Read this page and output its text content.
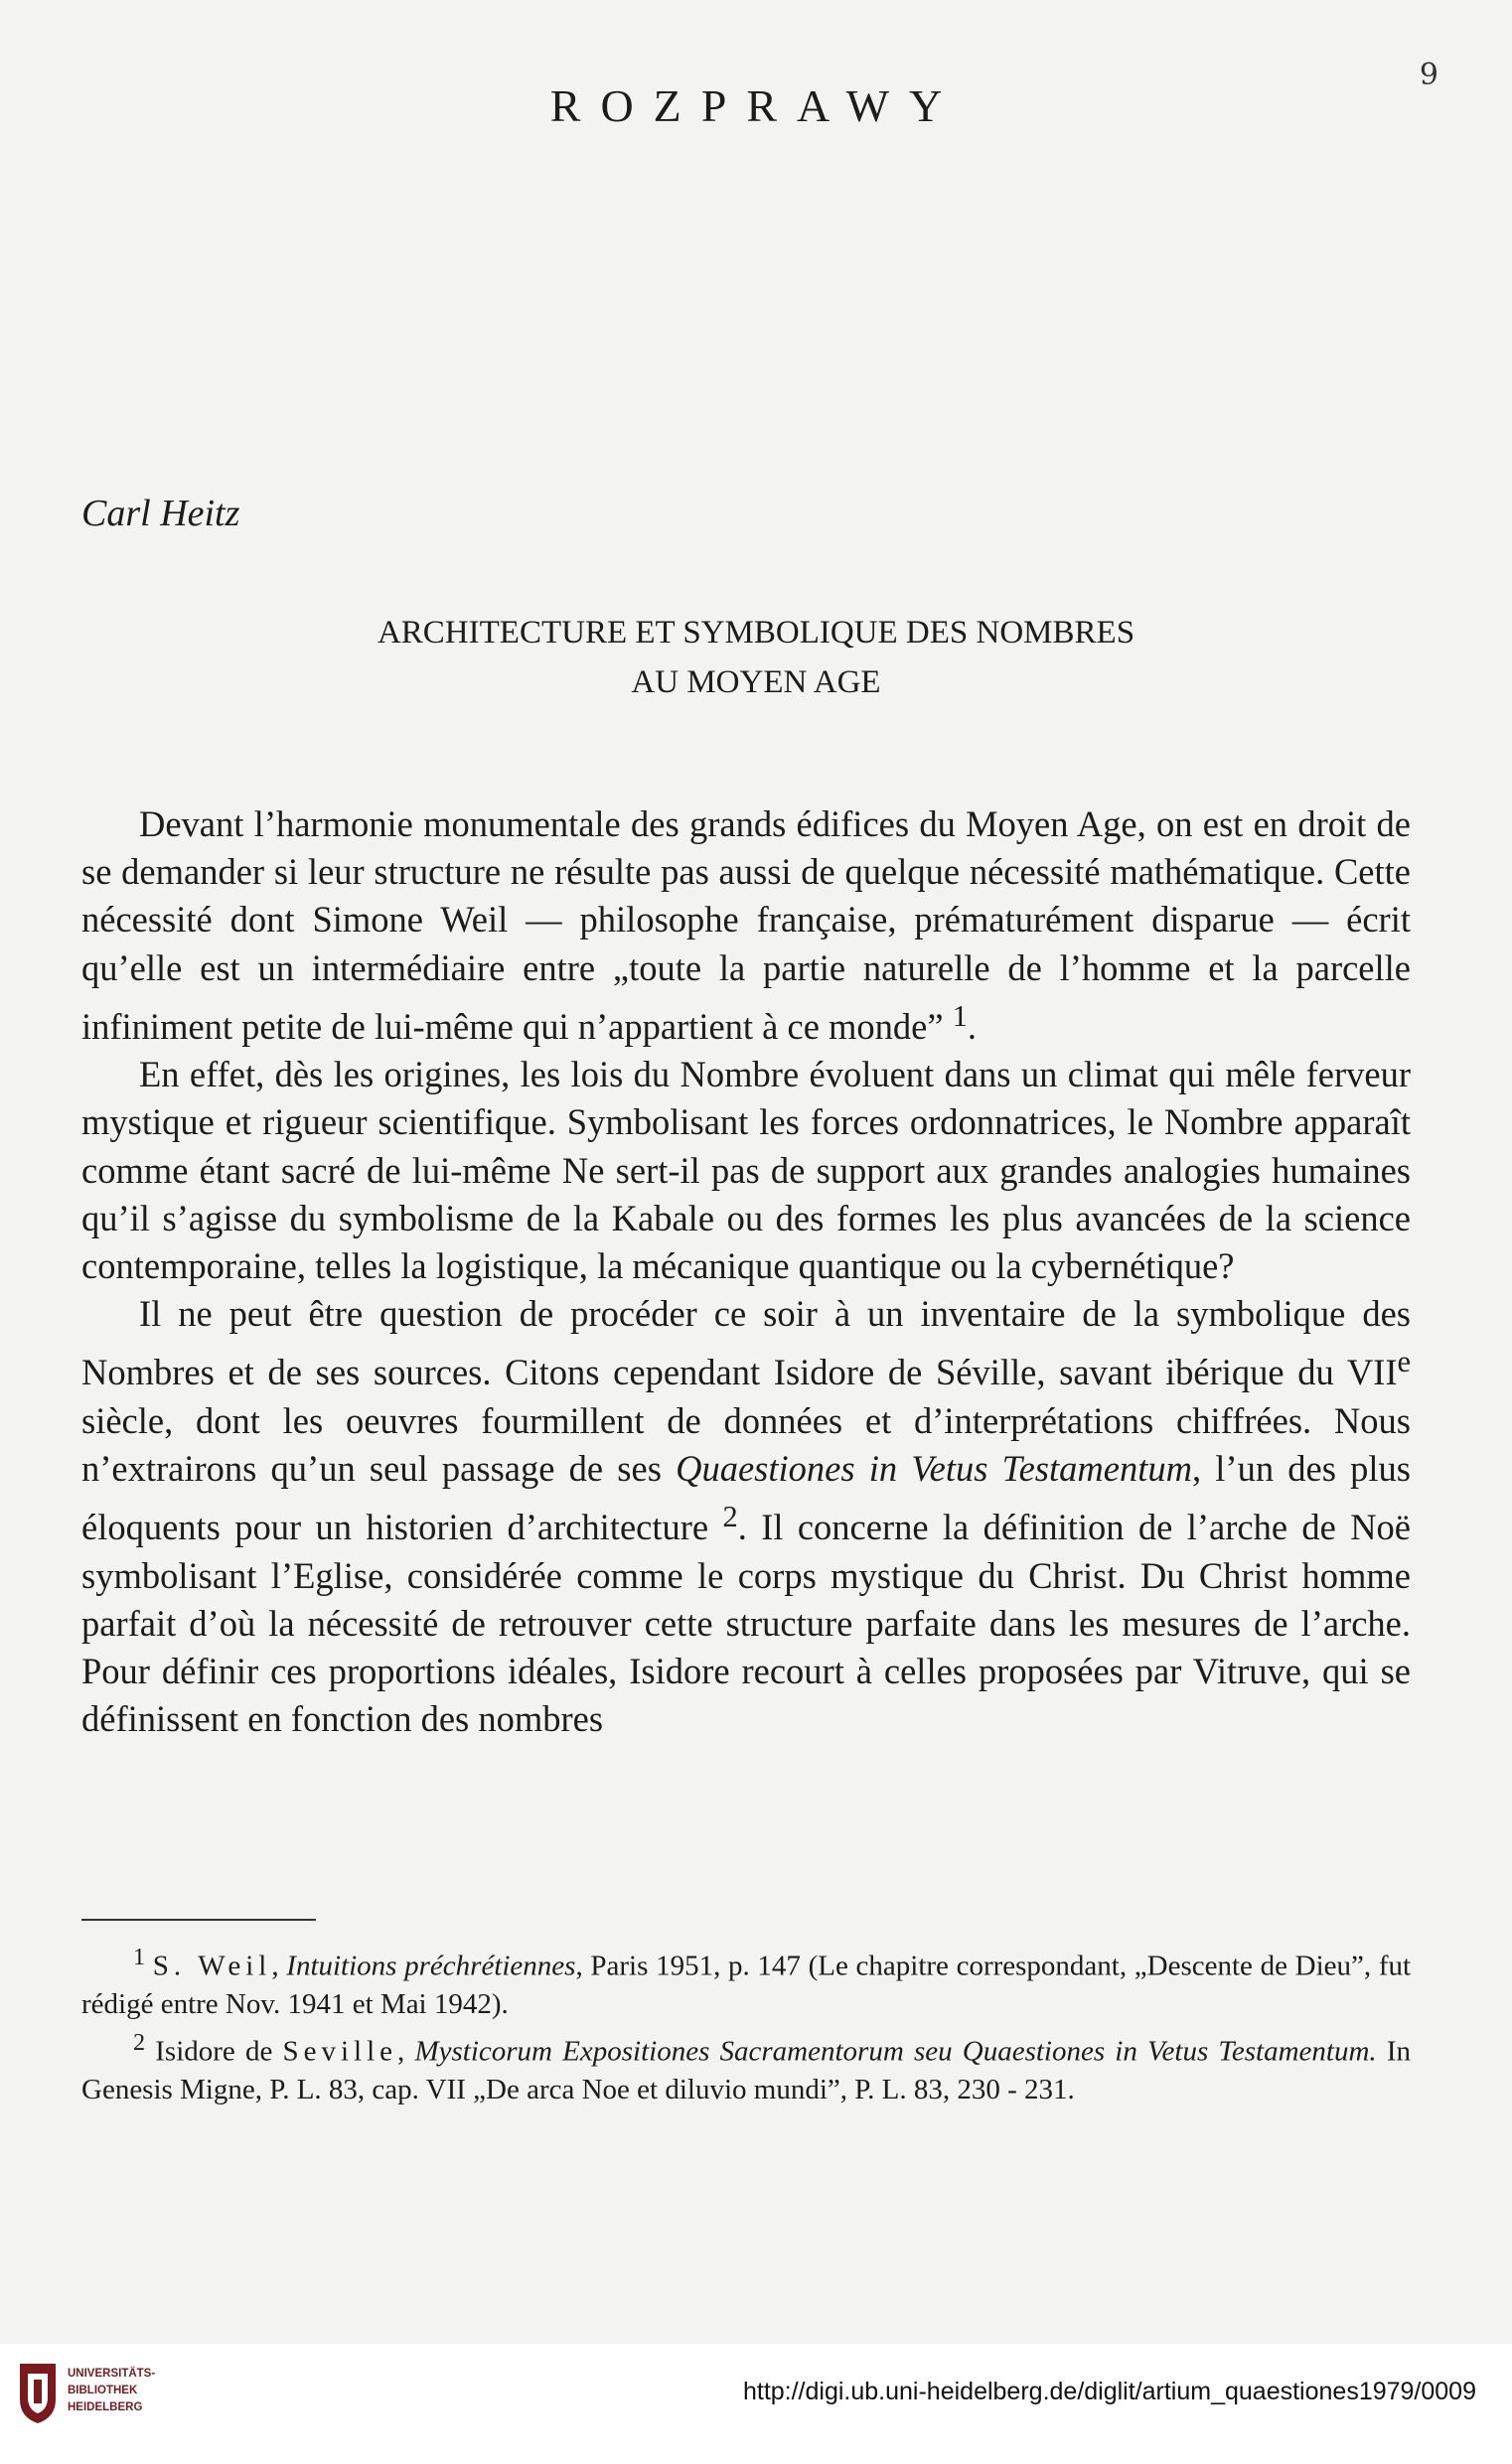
9
ROZPRAWY
Carl Heitz
ARCHITECTURE ET SYMBOLIQUE DES NOMBRES
AU MOYEN AGE

Devant l’harmonie monumentale des grands édifices du Moyen Age, on est en droit de se demander si leur structure ne résulte pas aussi de quelque nécessité mathématique. Cette nécessité dont Simone Weil — philosophe française, prématurément disparue — écrit qu’elle est un intermédiaire entre „toute la partie naturelle de l’homme et la parcelle infiniment petite de lui-même qui n’appartient à ce monde” $^1$.

En effet, dès les origines, les lois du Nombre évoluent dans un climat qui mêle ferveur mystique et rigueur scientifique. Symbolisant les forces ordonnatrices, le Nombre apparaît comme étant sacré de lui-même Ne sert-il pas de support aux grandes analogies humaines qu’il s’agisse du symbolisme de la Kabale ou des formes les plus avancées de la science contemporaine, telles la logistique, la mécanique quantique ou la cybernétique?

Il ne peut être question de procéder ce soir à un inventaire de la symbolique des Nombres et de ses sources. Citons cependant Isidore de Séville, savant ibérique du VIIe siècle, dont les oeuvres fourmillent de données et d’interprétations chiffrées. Nous n’extrairons qu’un seul passage de ses Quaestiones in Vetus Testamentum, l’un des plus éloquents pour un historien d’architecture $^2$. Il concerne la définition de l’arche de Noë symbolisant l’Eglise, considérée comme le corps mystique du Christ. Du Christ homme parfait d’où la nécessité de retrouver cette structure parfaite dans les mesures de l’arche. Pour définir ces proportions idéales, Isidore recourt à celles proposées par Vitruve, qui se définissent en fonction des nombres

$^1$ S. Weil, Intuitions préchrétiennes, Paris 1951, p. 147 (Le chapitre correspondant, „Descente de Dieu”, fut rédigé entre Nov. 1941 et Mai 1942).

$^2$ Isidore de Seville, Mysticorum Expositiones Sacramentorum seu Quaestiones in Vetus Testamentum. In Genesis Migne, P. L. 83, cap. VII „De arca Noe et diluvio mundi”, P. L. 83, 230 - 231.

UNIVERSITÄTS-
BIBLIOTHEK
HEIDELBERG
http://digi.ub.uni-heidelberg.de/diglit/artium_quaestiones1979/0009
